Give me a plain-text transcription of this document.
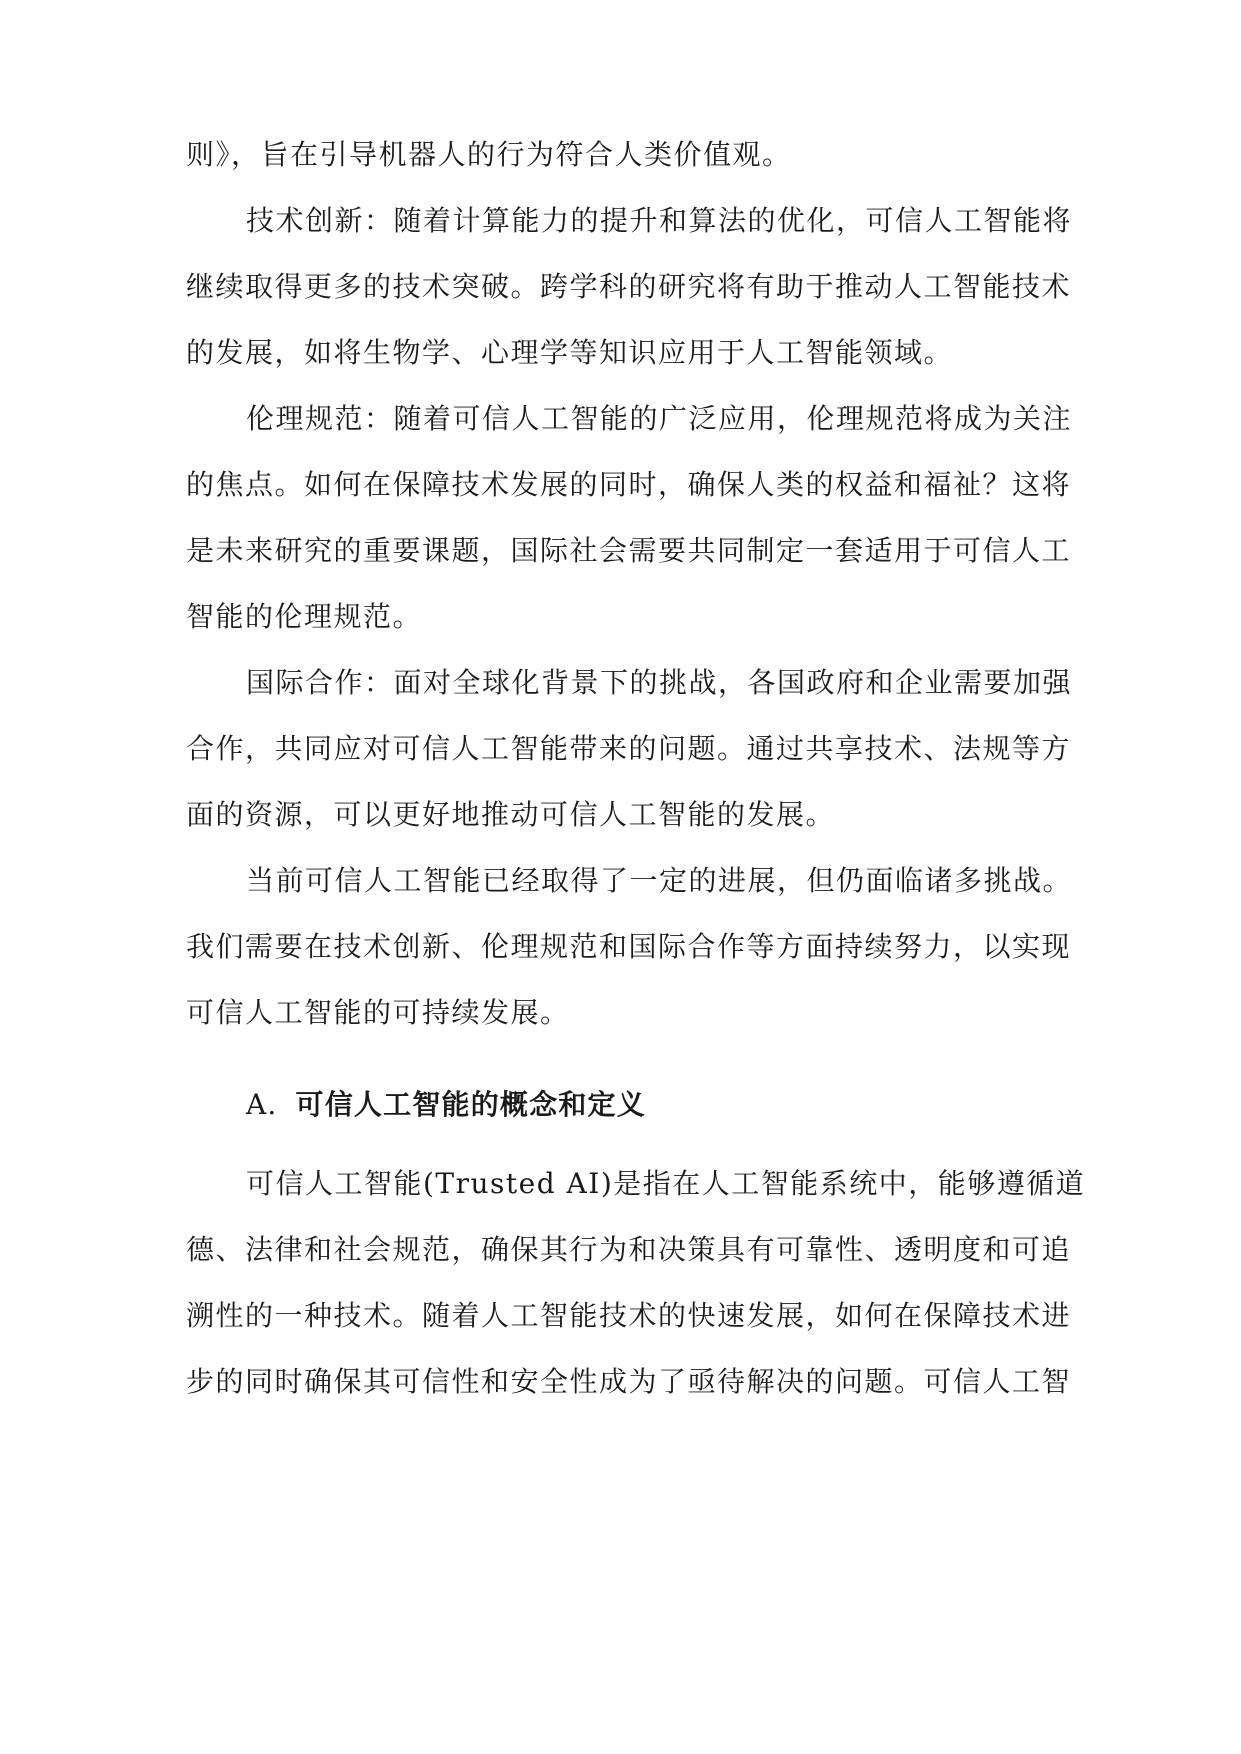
则》，旨在引导机器人的行为符合人类价值观。
技术创新：随着计算能力的提升和算法的优化，可信人工智能将
继续取得更多的技术突破。跨学科的研究将有助于推动人工智能技术
的发展，如将生物学、心理学等知识应用于人工智能领域。
伦理规范：随着可信人工智能的广泛应用，伦理规范将成为关注
的焦点。如何在保障技术发展的同时，确保人类的权益和福祉？这将
是未来研究的重要课题，国际社会需要共同制定一套适用于可信人工
智能的伦理规范。
国际合作：面对全球化背景下的挑战，各国政府和企业需要加强
合作，共同应对可信人工智能带来的问题。通过共享技术、法规等方
面的资源，可以更好地推动可信人工智能的发展。
当前可信人工智能已经取得了一定的进展，但仍面临诸多挑战。
我们需要在技术创新、伦理规范和国际合作等方面持续努力，以实现
可信人工智能的可持续发展。
A. 可信人工智能的概念和定义
可信人工智能(Trusted AI)是指在人工智能系统中，能够遵循道
德、法律和社会规范，确保其行为和决策具有可靠性、透明度和可追
溯性的一种技术。随着人工智能技术的快速发展，如何在保障技术进
步的同时确保其可信性和安全性成为了亟待解决的问题。可信人工智
